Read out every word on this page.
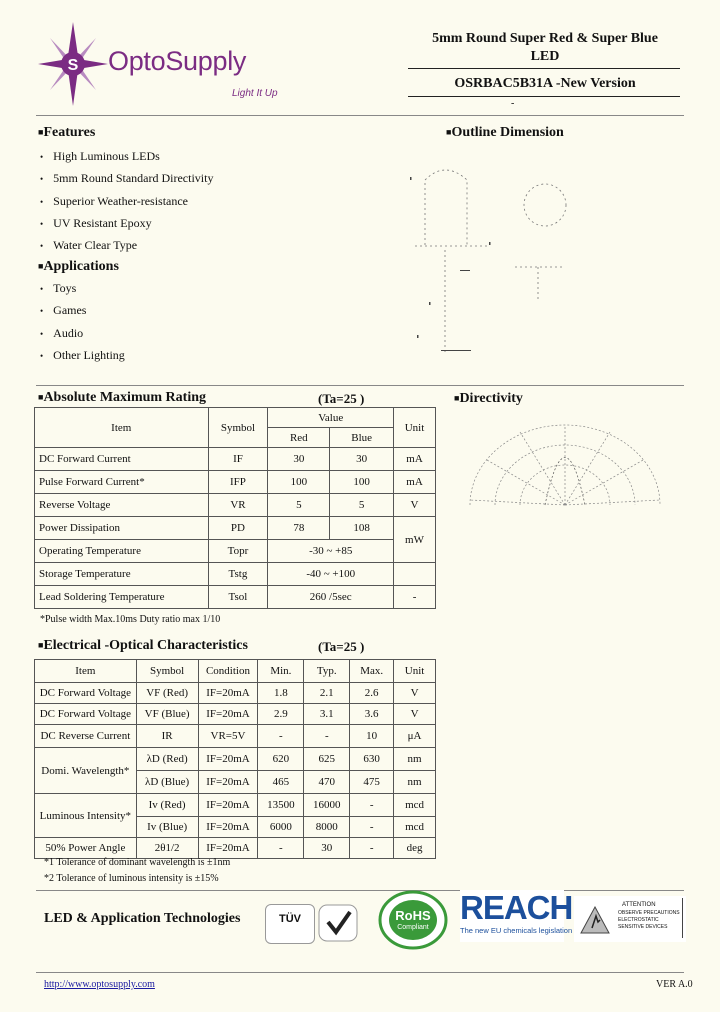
S OptoSupply
Light It Up
5mm Round Super Red & Super Blue
LED
OSRBAC5B31A -New Version
-
■Features
• High Luminous LEDs
• 5mm Round Standard Directivity
• Superior Weather-resistance
• UV Resistant Epoxy
• Water Clear Type
■Applications
• Toys
• Games
• Audio
• Other Lighting
■Outline Dimension
■Directivity
■Absolute Maximum Rating	(Ta=25 )
Item	Symbol	Value		Unit
		Red	Blue	
DC Forward Current	IF	30	30	mA
Pulse Forward Current*	IFP	100	100	mA
Reverse Voltage	VR	5	5	V
Power Dissipation	PD	78	108	mW
Operating Temperature	Topr	-30 ~ +85		
Storage Temperature	Tstg	-40 ~ +100		
Lead Soldering Temperature	Tsol	260 /5sec		-
*Pulse width Max.10ms Duty ratio max 1/10
■Electrical -Optical Characteristics	(Ta=25 )
Item	Symbol	Condition	Min.	Typ.	Max.	Unit
DC Forward Voltage	VF (Red)	IF=20mA	1.8	2.1	2.6	V
DC Forward Voltage	VF (Blue)	IF=20mA	2.9	3.1	3.6	V
DC Reverse Current	IR	VR=5V	-	-	10	μA
Domi. Wavelength*	λD (Red)	IF=20mA	620	625	630	nm
	λD (Blue)	IF=20mA	465	470	475	nm
Luminous Intensity*	Iv (Red)	IF=20mA	13500	16000	-	mcd
	Iv (Blue)	IF=20mA	6000	8000	-	mcd
50% Power Angle	2θ1/2	IF=20mA	-	30	-	deg
*1 Tolerance of dominant wavelength is ±1nm
*2 Tolerance of luminous intensity is ±15%
LED & Application Technologies	TÜV	RoHS
Compliant
REACH
The new EU chemicals legislation
ATTENTION
OBSERVE PRECAUTIONS ELECTROSTATIC SENSITIVE DEVICES
http://www.optosupply.com	VER A.0
